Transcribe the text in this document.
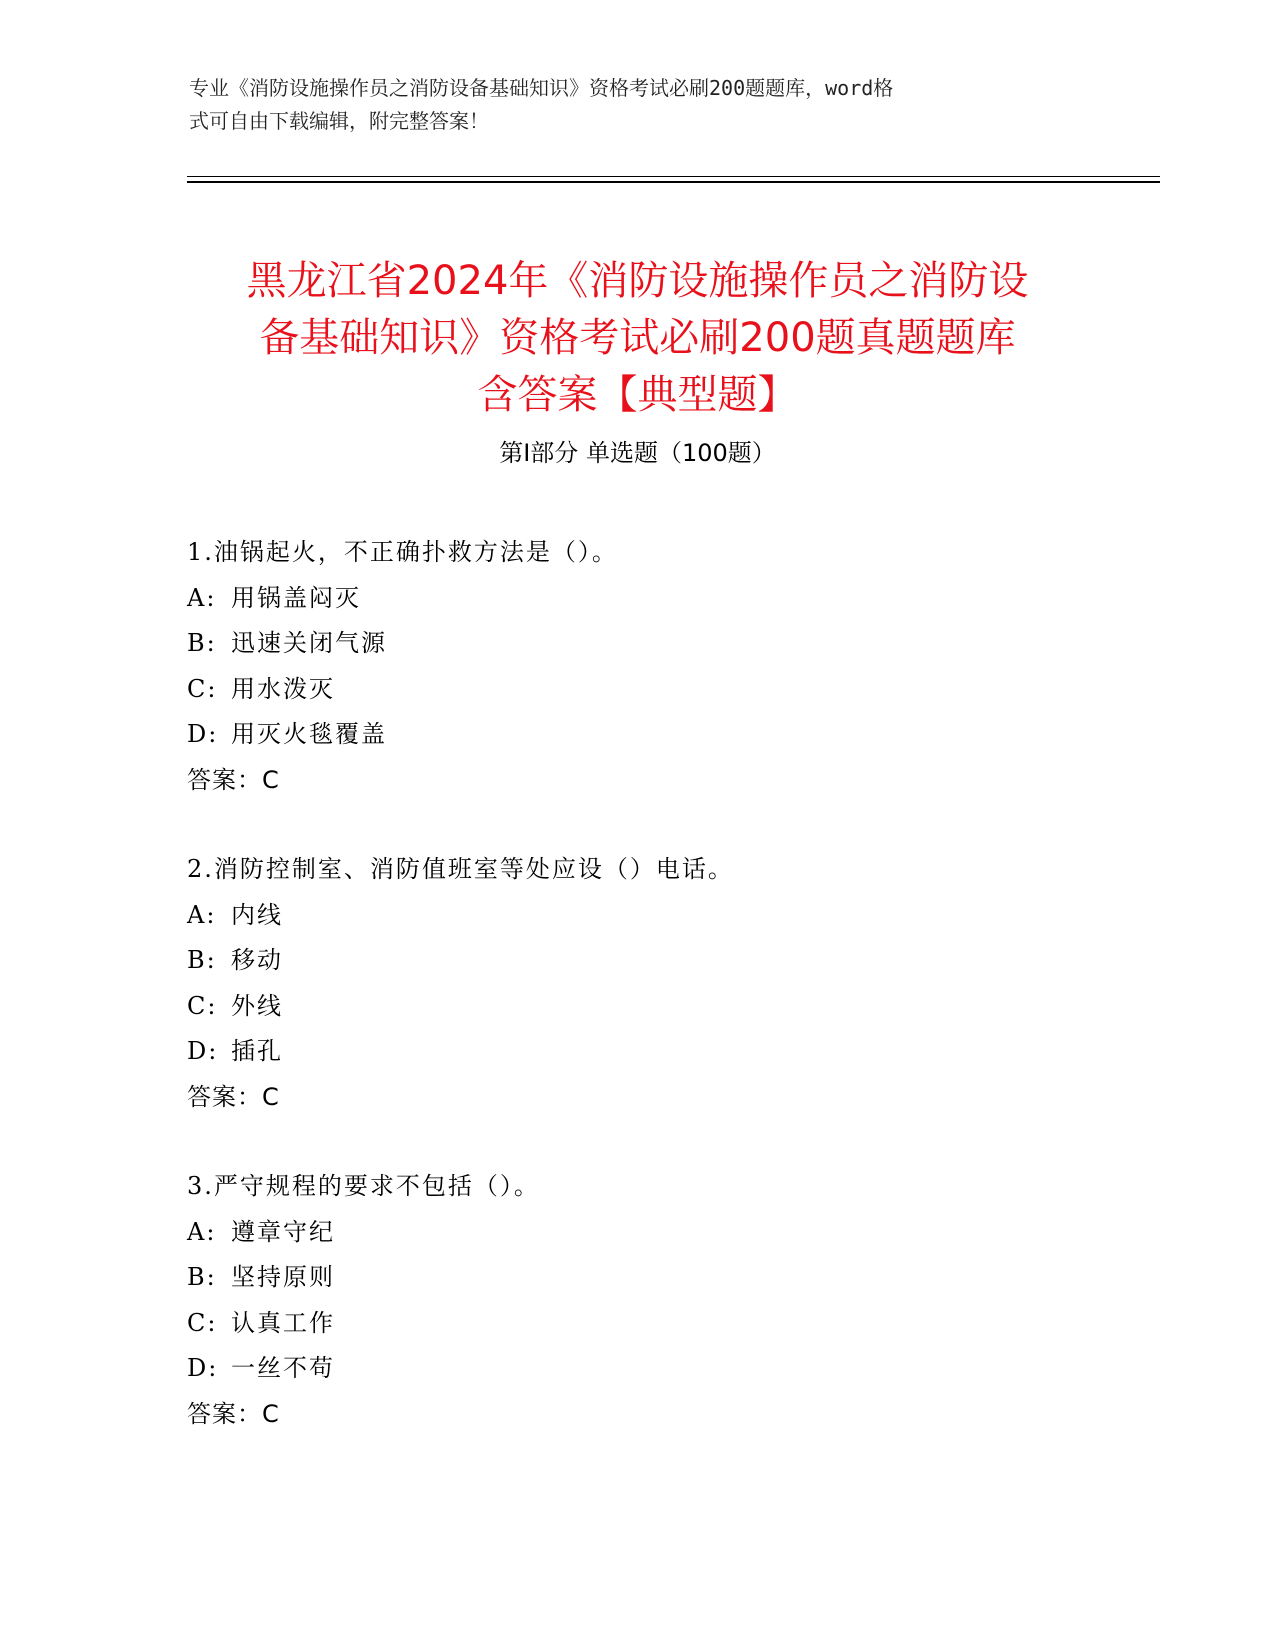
专业《消防设施操作员之消防设备基础知识》资格考试必刷200题题库，word格
式可自由下载编辑，附完整答案！
黑龙江省2024年《消防设施操作员之消防设
备基础知识》资格考试必刷200题真题题库
含答案【典型题】
第Ⅰ部分 单选题（100题）
1.油锅起火，不正确扑救方法是（）。
A: 用锅盖闷灭
B: 迅速关闭气源
C: 用水泼灭
D: 用灭火毯覆盖
答案：C
2.消防控制室、消防值班室等处应设（）电话。
A: 内线
B: 移动
C: 外线
D: 插孔
答案：C
3.严守规程的要求不包括（）。
A: 遵章守纪
B: 坚持原则
C: 认真工作
D: 一丝不苟
答案：C
